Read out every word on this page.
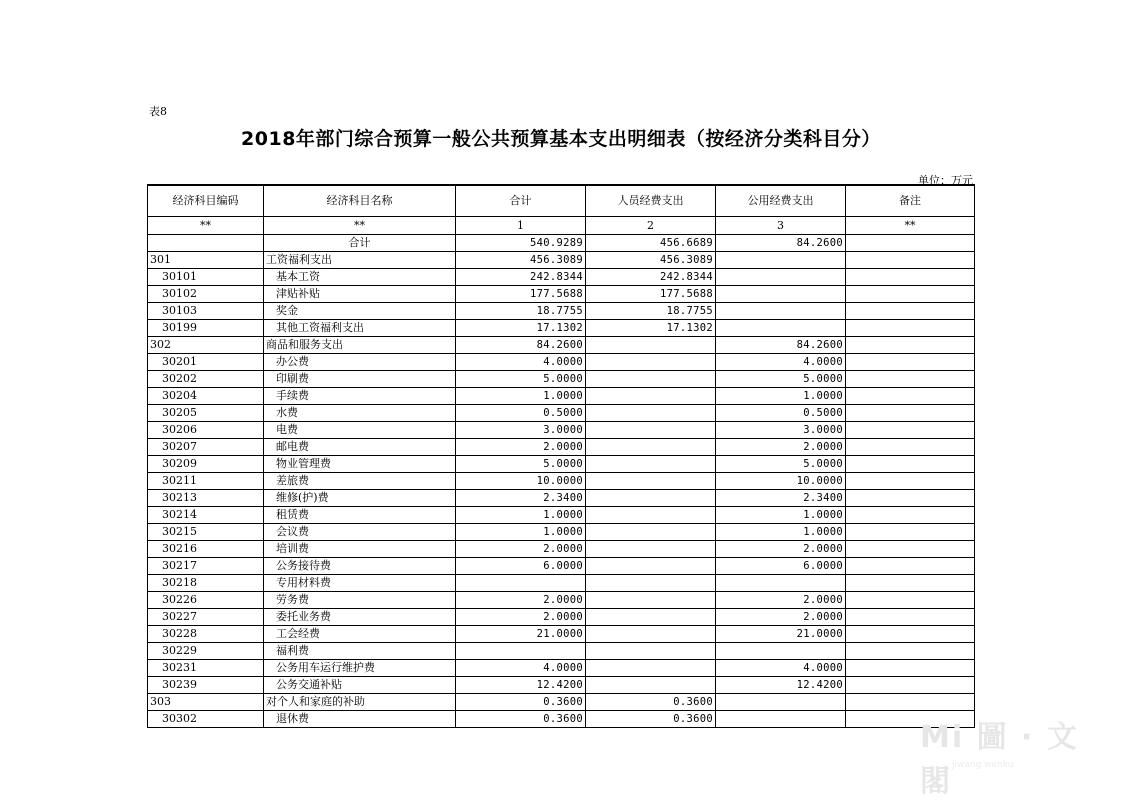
表8
2018年部门综合预算一般公共预算基本支出明细表（按经济分类科目分）
单位：万元
经济科目编码	经济科目名称	合计	人员经费支出	公用经费支出	备注
**	**	1	2	3	**
	合计	540.9289	456.6689	84.2600	
301	工资福利支出	456.3089	456.3089		
30101	基本工资	242.8344	242.8344		
30102	津贴补贴	177.5688	177.5688		
30103	奖金	18.7755	18.7755		
30199	其他工资福利支出	17.1302	17.1302		
302	商品和服务支出	84.2600		84.2600	
30201	办公费	4.0000		4.0000	
30202	印刷费	5.0000		5.0000	
30204	手续费	1.0000		1.0000	
30205	水费	0.5000		0.5000	
30206	电费	3.0000		3.0000	
30207	邮电费	2.0000		2.0000	
30209	物业管理费	5.0000		5.0000	
30211	差旅费	10.0000		10.0000	
30213	维修(护)费	2.3400		2.3400	
30214	租赁费	1.0000		1.0000	
30215	会议费	1.0000		1.0000	
30216	培训费	2.0000		2.0000	
30217	公务接待费	6.0000		6.0000	
30218	专用材料费				
30226	劳务费	2.0000		2.0000	
30227	委托业务费	2.0000		2.0000	
30228	工会经费	21.0000		21.0000	
30229	福利费				
30231	公务用车运行维护费	4.0000		4.0000	
30239	公务交通补贴	12.4200		12.4200	
303	对个人和家庭的补助	0.3600	0.3600		
30302	退休费	0.3600	0.3600		
Mi 圖 · 文 閣 jiwang wenku
